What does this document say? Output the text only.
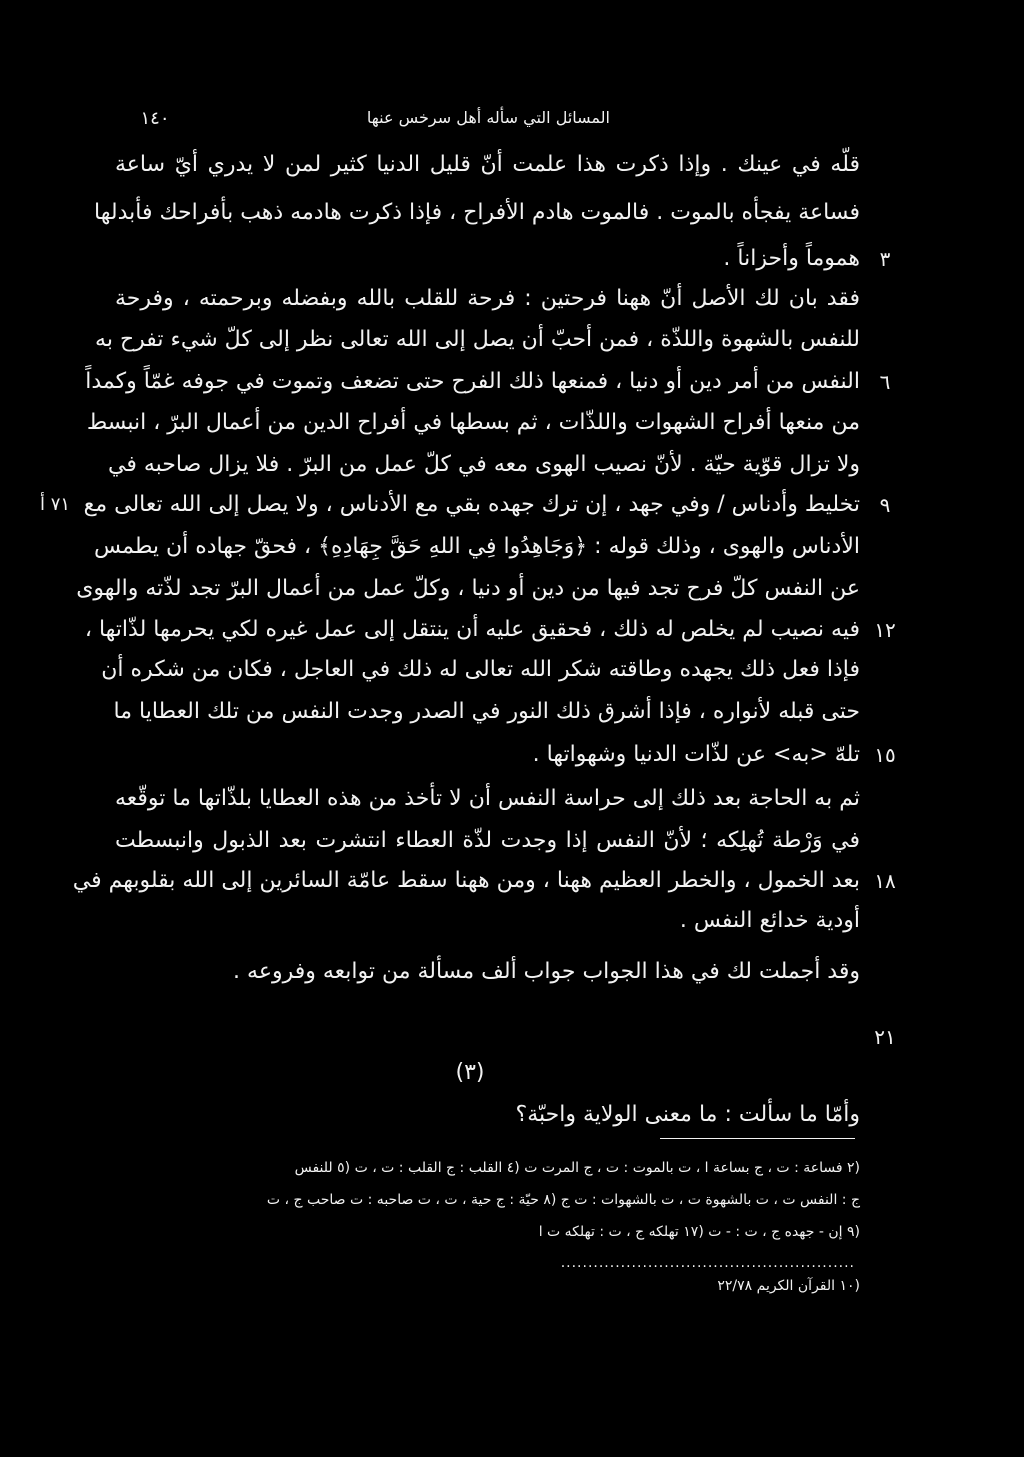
المسائل التي سأله أهل سرخس عنها
١٤٠
قلّه في عينك . وإذا ذكرت هذا علمت أنّ قليل الدنيا كثير لمن لا يدري أيّ ساعة
فساعة يفجأه بالموت . فالموت هادم الأفراح ، فإذا ذكرت هادمه ذهب بأفراحك فأبدلها
هموماً وأحزاناً .
فقد بان لك الأصل أنّ ههنا فرحتين : فرحة للقلب بالله وبفضله وبرحمته ، وفرحة
للنفس بالشهوة واللذّة ، فمن أحبّ أن يصل إلى الله تعالى نظر إلى كلّ شيء تفرح به
النفس من أمر دين أو دنيا ، فمنعها ذلك الفرح حتى تضعف وتموت في جوفه غمّاً وكمداً
من منعها أفراح الشهوات واللذّات ، ثم بسطها في أفراح الدين من أعمال البرّ ، انبسط
ولا تزال قوّية حيّة . لأنّ نصيب الهوى معه في كلّ عمل من البرّ . فلا يزال صاحبه في
تخليط وأدناس / وفي جهد ، إن ترك جهده بقي مع الأدناس ، ولا يصل إلى الله تعالى مع
الأدناس والهوى ، وذلك قوله : ﴿وَجَاهِدُوا فِي اللهِ حَقَّ جِهَادِهِ﴾ ، فحقّ جهاده أن يطمس
عن النفس كلّ فرح تجد فيها من دين أو دنيا ، وكلّ عمل من أعمال البرّ تجد لذّته والهوى
فيه نصيب لم يخلص له ذلك ، فحقيق عليه أن ينتقل إلى عمل غيره لكي يحرمها لذّاتها ،
فإذا فعل ذلك يجهده وطاقته شكر الله تعالى له ذلك في العاجل ، فكان من شكره أن
حتى قبله لأنواره ، فإذا أشرق ذلك النور في الصدر وجدت النفس من تلك العطايا ما
تلهّ <به> عن لذّات الدنيا وشهواتها .
ثم به الحاجة بعد ذلك إلى حراسة النفس أن لا تأخذ من هذه العطايا بلذّاتها ما توقّعه
في وَرْطة تُهلِكه ؛ لأنّ النفس إذا وجدت لذّة العطاء انتشرت بعد الذبول وانبسطت
بعد الخمول ، والخطر العظيم ههنا ، ومن ههنا سقط عامّة السائرين إلى الله بقلوبهم في
أودية خدائع النفس .
وقد أجملت لك في هذا الجواب جواب ألف مسألة من توابعه وفروعه .
٣
٦
٩
١٢
١٥
١٨
٢١
٧١ أ
(٣)
وأمّا ما سألت : ما معنى الولاية واحبّة؟
(٢ فساعة : ت ، ج بساعة ا ، ت بالموت : ت ، ج المرت ت (٤ القلب : ج القلب : ت ، ت (٥ للنفس
ج : النفس ت ، ت بالشهوة ت ، ت بالشهوات : ت ج (٨ حيّة : ج حية ، ت ، ت صاحبه : ت صاحب ج ، ت
(٩ إن - جهده ج ، ت : - ت (١٧ تهلكه ج ، ت : تهلكه ت ا
......................................................
(١٠ القرآن الكريم ٢٢/٧٨
